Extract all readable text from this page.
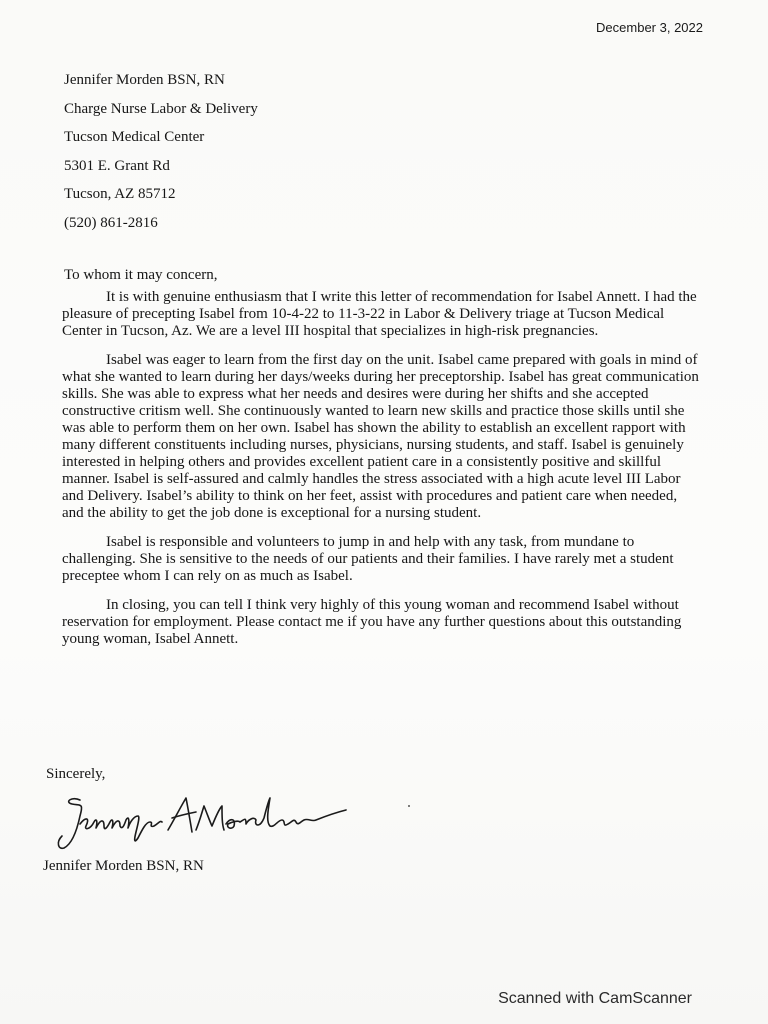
December 3, 2022
Jennifer Morden BSN, RN
Charge Nurse Labor & Delivery
Tucson Medical Center
5301 E. Grant Rd
Tucson, AZ 85712
(520) 861-2816
To whom it may concern,

It is with genuine enthusiasm that I write this letter of recommendation for Isabel Annett. I had the pleasure of precepting Isabel from 10-4-22 to 11-3-22 in Labor & Delivery triage at Tucson Medical Center in Tucson, Az. We are a level III hospital that specializes in high-risk pregnancies.

Isabel was eager to learn from the first day on the unit. Isabel came prepared with goals in mind of what she wanted to learn during her days/weeks during her preceptorship. Isabel has great communication skills. She was able to express what her needs and desires were during her shifts and she accepted constructive critism well. She continuously wanted to learn new skills and practice those skills until she was able to perform them on her own. Isabel has shown the ability to establish an excellent rapport with many different constituents including nurses, physicians, nursing students, and staff. Isabel is genuinely interested in helping others and provides excellent patient care in a consistently positive and skillful manner. Isabel is self-assured and calmly handles the stress associated with a high acute level III Labor and Delivery. Isabel’s ability to think on her feet, assist with procedures and patient care when needed, and the ability to get the job done is exceptional for a nursing student.

Isabel is responsible and volunteers to jump in and help with any task, from mundane to challenging. She is sensitive to the needs of our patients and their families. I have rarely met a student preceptee whom I can rely on as much as Isabel.

In closing, you can tell I think very highly of this young woman and recommend Isabel without reservation for employment. Please contact me if you have any further questions about this outstanding young woman, Isabel Annett.

Sincerely,
Jennifer Morden BSN, RN
Scanned with CamScanner
